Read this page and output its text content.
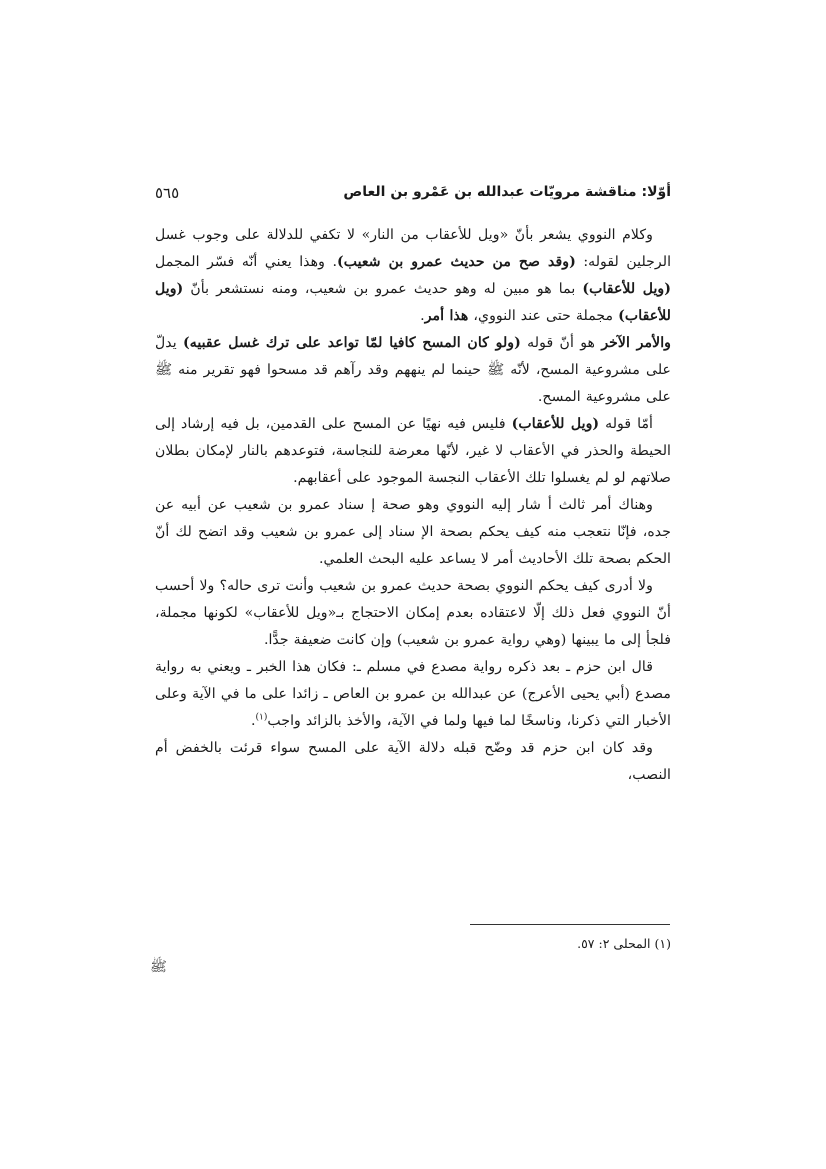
أوّلا: مناقشة مرويّات عبدالله بن عَمْرو بن العاص
٥٦٥

وكلام النووي يشعر بأنّ «ويل للأعقاب من النار» لا تكفي للدلالة على وجوب غسل الرجلين لقوله: (وقد صح من حديث عمرو بن شعيب). وهذا يعني أنّه فسّر المجمل (ويل للأعقاب) بما هو مبين له وهو حديث عمرو بن شعيب، ومنه نستشعر بأنّ (ويل للأعقاب) مجملة حتى عند النووي، هذا أمر.

والأمر الآخر هو أنّ قوله (ولو كان المسح كافيا لمّا تواعد على ترك غسل عقبيه) يدلّ على مشروعية المسح، لأنّه ﷺ حينما لم ينههم وقد رآهم قد مسحوا فهو تقرير منه ﷺ على مشروعية المسح.

أمّا قوله (ويل للأعقاب) فليس فيه نهيًا عن المسح على القدمين، بل فيه إرشاد إلى الحيطة والحذر في الأعقاب لا غير، لأنّها معرضة للنجاسة، فتوعدهم بالنار لإمكان بطلان صلاتهم لو لم يغسلوا تلك الأعقاب النجسة الموجود على أعقابهم.

وهناك أمر ثالث أ شار إليه النووي وهو صحة إ سناد عمرو بن شعيب عن أبيه عن جده، فإنّا نتعجب منه كيف يحكم بصحة الإ سناد إلى عمرو بن شعيب وقد اتضح لك أنّ الحكم بصحة تلك الأحاديث أمر لا يساعد عليه البحث العلمي.

ولا أدرى كيف يحكم النووي بصحة حديث عمرو بن شعيب وأنت ترى حاله؟ ولا أحسب أنّ النووي فعل ذلك إلّا لاعتقاده بعدم إمكان الاحتجاج بـ«ويل للأعقاب» لكونها مجملة، فلجأ إلى ما يبينها (وهي رواية عمرو بن شعيب) وإن كانت ضعيفة جدًّا.

قال ابن حزم ـ بعد ذكره رواية مصدع في مسلم ـ: فكان هذا الخبر ـ ويعني به رواية مصدع (أبي يحيى الأعرج) عن عبدالله بن عمرو بن العاص ـ زائدا على ما في الآية وعلى الأخبار التي ذكرنا، وناسخًا لما فيها ولما في الآية، والأخذ بالزائد واجب$^{(١)}$.

وقد كان ابن حزم قد وضّح قبله دلالة الآية على المسح سواء قرئت بالخفض أم النصب،

(١) المحلى ٢: ٥٧.
ﷺ
